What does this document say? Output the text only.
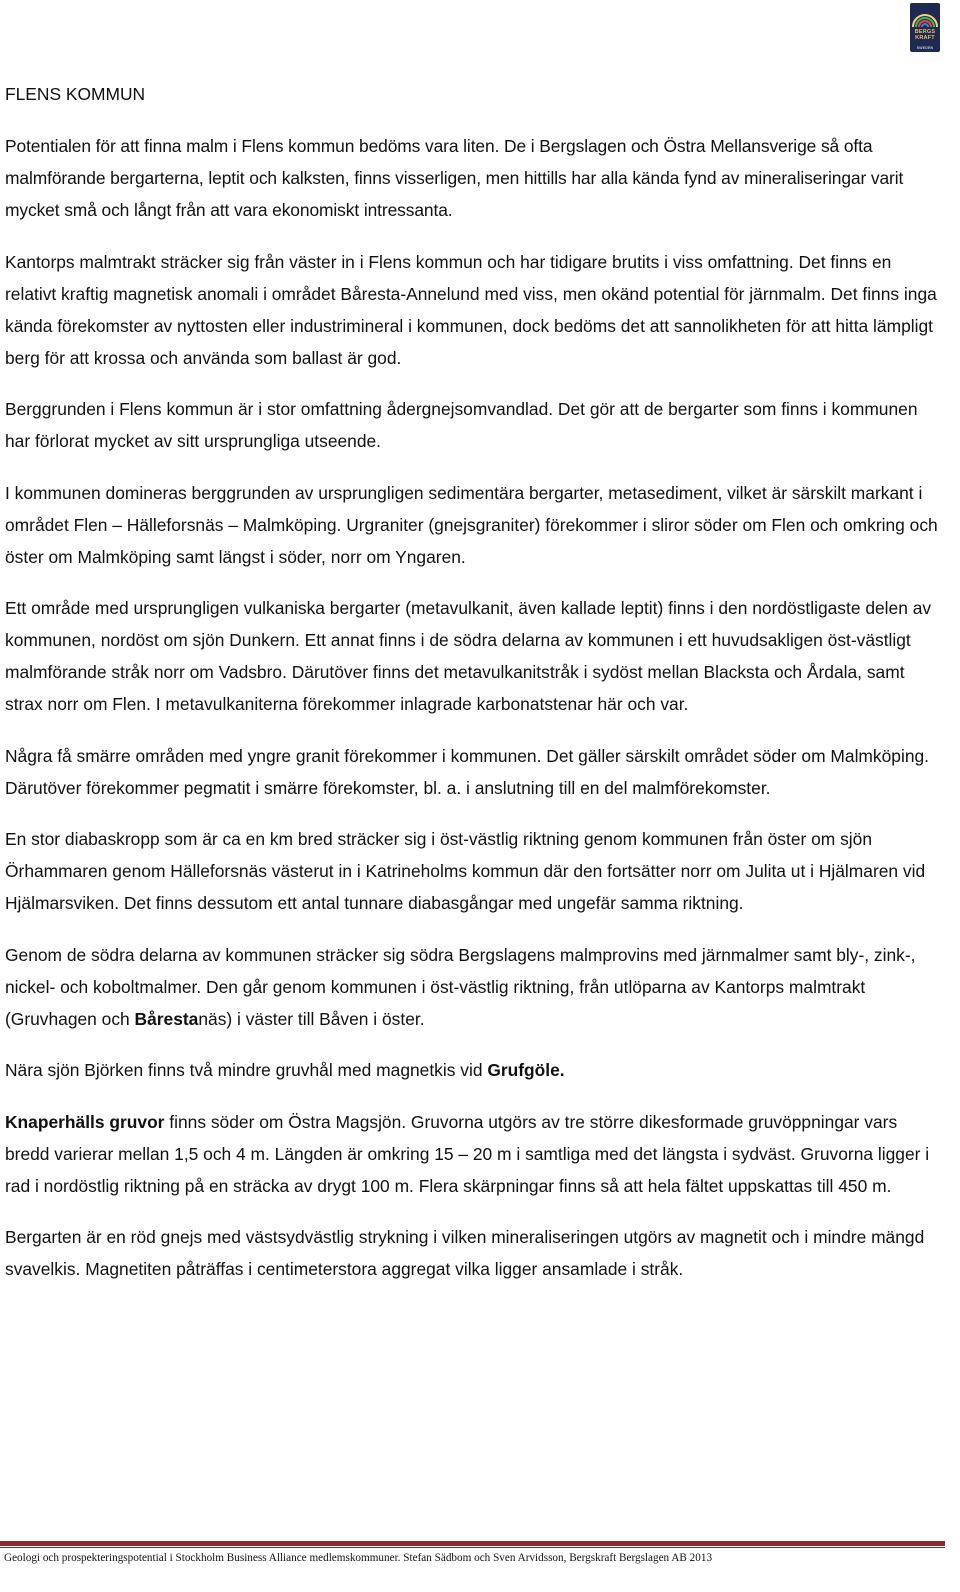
BERGS
KRAFT
SWEDEN

FLENS KOMMUN

Potentialen för att finna malm i Flens kommun bedöms vara liten. De i Bergslagen och Östra Mellansverige så ofta malmförande bergarterna, leptit och kalksten, finns visserligen, men hittills har alla kända fynd av mineraliseringar varit mycket små och långt från att vara ekonomiskt intressanta.

Kantorps malmtrakt sträcker sig från väster in i Flens kommun och har tidigare brutits i viss omfattning. Det finns en relativt kraftig magnetisk anomali i området Båresta-Annelund med viss, men okänd potential för järnmalm. Det finns inga kända förekomster av nyttosten eller industrimineral i kommunen, dock bedöms det att sannolikheten för att hitta lämpligt berg för att krossa och använda som ballast är god.

Berggrunden i Flens kommun är i stor omfattning ådergnejsomvandlad. Det gör att de bergarter som finns i kommunen har förlorat mycket av sitt ursprungliga utseende.

I kommunen domineras berggrunden av ursprungligen sedimentära bergarter, metasediment, vilket är särskilt markant i området Flen – Hälleforsnäs – Malmköping. Urgraniter (gnejsgraniter) förekommer i sliror söder om Flen och omkring och öster om Malmköping samt längst i söder, norr om Yngaren.

Ett område med ursprungligen vulkaniska bergarter (metavulkanit, även kallade leptit) finns i den nordöstligaste delen av kommunen, nordöst om sjön Dunkern. Ett annat finns i de södra delarna av kommunen i ett huvudsakligen öst-västligt malmförande stråk norr om Vadsbro. Därutöver finns det metavulkanitstråk i sydöst mellan Blacksta och Årdala, samt strax norr om Flen. I metavulkaniterna förekommer inlagrade karbonatstenar här och var.

Några få smärre områden med yngre granit förekommer i kommunen. Det gäller särskilt området söder om Malmköping. Därutöver förekommer pegmatit i smärre förekomster, bl. a. i anslutning till en del malmförekomster.

En stor diabaskropp som är ca en km bred sträcker sig i öst-västlig riktning genom kommunen från öster om sjön Örhammaren genom Hälleforsnäs västerut in i Katrineholms kommun där den fortsätter norr om Julita ut i Hjälmaren vid Hjälmarsviken. Det finns dessutom ett antal tunnare diabasgångar med ungefär samma riktning.

Genom de södra delarna av kommunen sträcker sig södra Bergslagens malmprovins med järnmalmer samt bly-, zink-, nickel- och koboltmalmer. Den går genom kommunen i öst-västlig riktning, från utlöparna av Kantorps malmtrakt (Gruvhagen och Bårestanäs) i väster till Båven i öster.

Nära sjön Björken finns två mindre gruvhål med magnetkis vid Grufgöle.

Knaperhälls gruvor finns söder om Östra Magsjön. Gruvorna utgörs av tre större dikesformade gruvöppningar vars bredd varierar mellan 1,5 och 4 m. Längden är omkring 15 – 20 m i samtliga med det längsta i sydväst. Gruvorna ligger i rad i nordöstlig riktning på en sträcka av drygt 100 m. Flera skärpningar finns så att hela fältet uppskattas till 450 m.

Bergarten är en röd gnejs med västsydvästlig strykning i vilken mineraliseringen utgörs av magnetit och i mindre mängd svavelkis. Magnetiten påträffas i centimeterstora aggregat vilka ligger ansamlade i stråk.

Geologi och prospekteringspotential i Stockholm Business Alliance medlemskommuner. Stefan Sädbom och Sven Arvidsson, Bergskraft Bergslagen AB 2013
